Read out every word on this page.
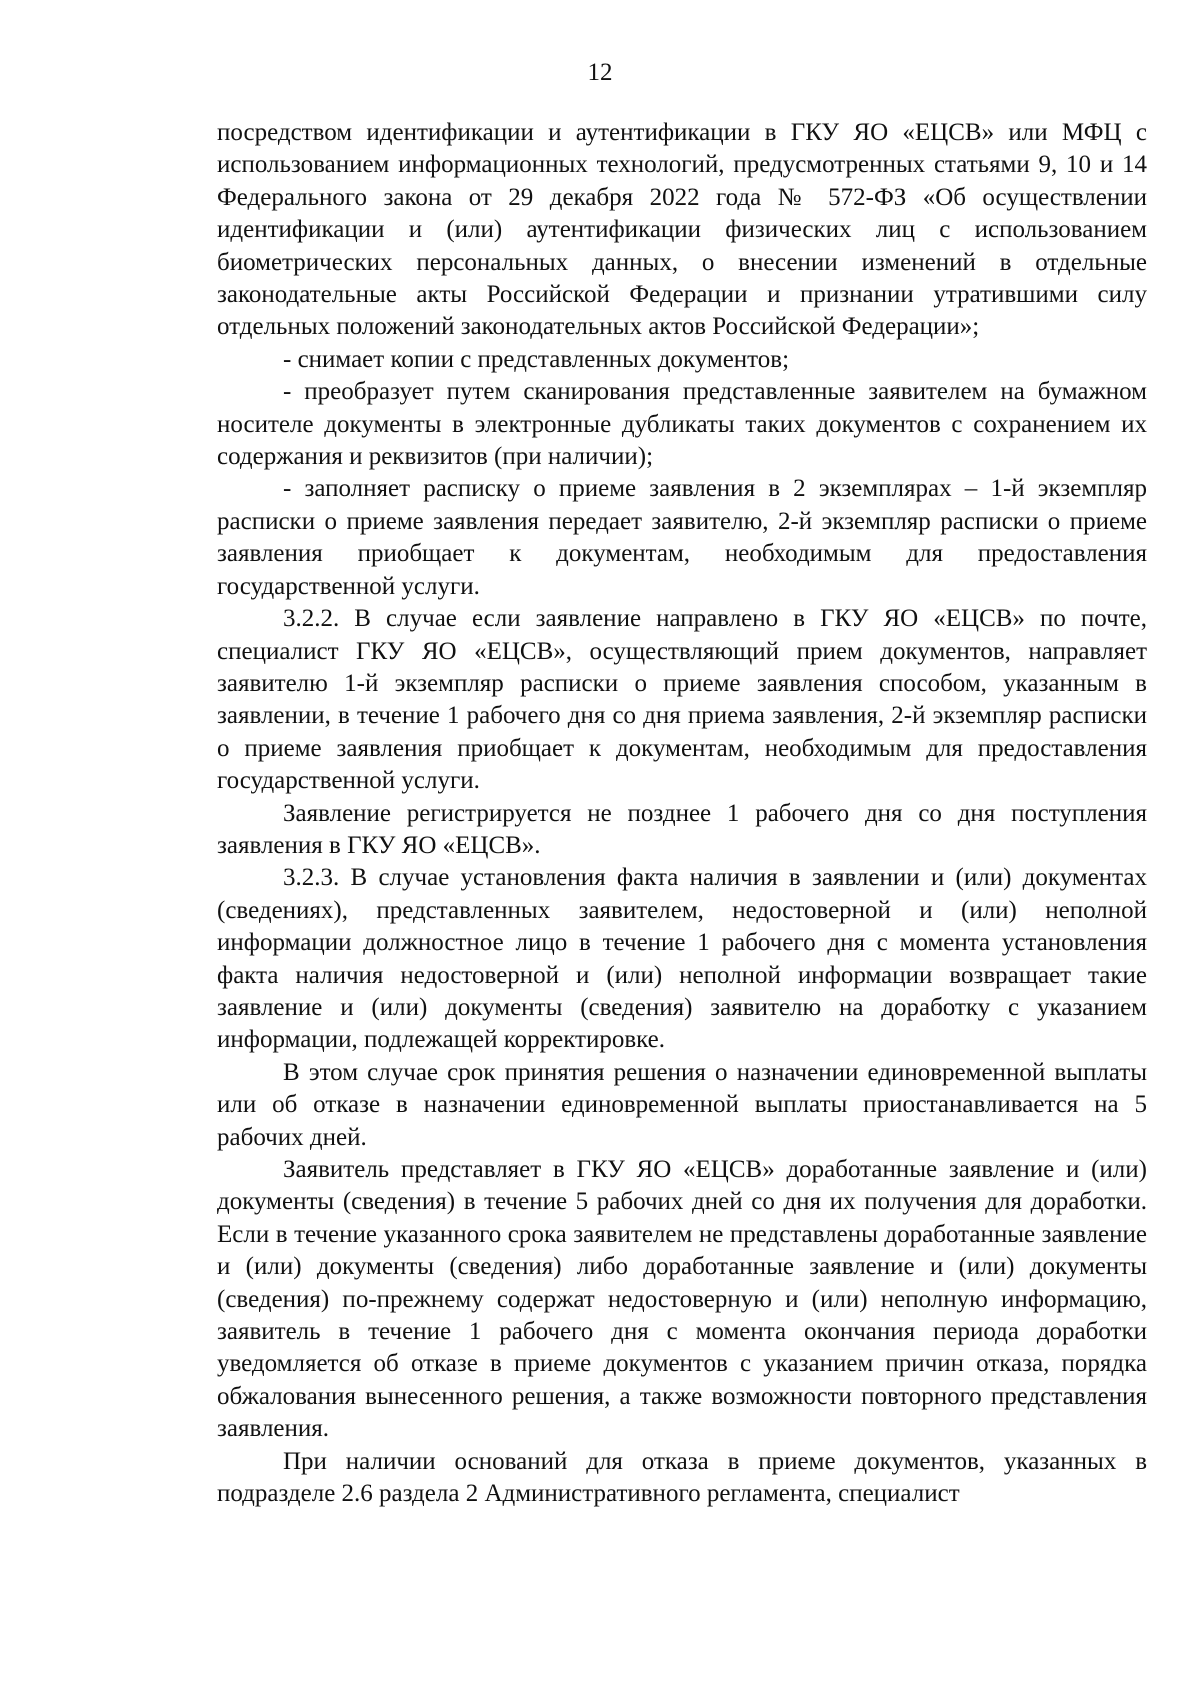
12

посредством идентификации и аутентификации в ГКУ ЯО «ЕЦСВ» или МФЦ с использованием информационных технологий, предусмотренных статьями 9, 10 и 14 Федерального закона от 29 декабря 2022 года № 572-ФЗ «Об осуществлении идентификации и (или) аутентификации физических лиц с использованием биометрических персональных данных, о внесении изменений в отдельные законодательные акты Российской Федерации и признании утратившими силу отдельных положений законодательных актов Российской Федерации»;

- снимает копии с представленных документов;

- преобразует путем сканирования представленные заявителем на бумажном носителе документы в электронные дубликаты таких документов с сохранением их содержания и реквизитов (при наличии);

- заполняет расписку о приеме заявления в 2 экземплярах – 1-й экземпляр расписки о приеме заявления передает заявителю, 2-й экземпляр расписки о приеме заявления приобщает к документам, необходимым для предоставления государственной услуги.

3.2.2. В случае если заявление направлено в ГКУ ЯО «ЕЦСВ» по почте, специалист ГКУ ЯО «ЕЦСВ», осуществляющий прием документов, направляет заявителю 1-й экземпляр расписки о приеме заявления способом, указанным в заявлении, в течение 1 рабочего дня со дня приема заявления, 2-й экземпляр расписки о приеме заявления приобщает к документам, необходимым для предоставления государственной услуги.

Заявление регистрируется не позднее 1 рабочего дня со дня поступления заявления в ГКУ ЯО «ЕЦСВ».

3.2.3. В случае установления факта наличия в заявлении и (или) документах (сведениях), представленных заявителем, недостоверной и (или) неполной информации должностное лицо в течение 1 рабочего дня с момента установления факта наличия недостоверной и (или) неполной информации возвращает такие заявление и (или) документы (сведения) заявителю на доработку с указанием информации, подлежащей корректировке.

В этом случае срок принятия решения о назначении единовременной выплаты или об отказе в назначении единовременной выплаты приостанавливается на 5 рабочих дней.

Заявитель представляет в ГКУ ЯО «ЕЦСВ» доработанные заявление и (или) документы (сведения) в течение 5 рабочих дней со дня их получения для доработки. Если в течение указанного срока заявителем не представлены доработанные заявление и (или) документы (сведения) либо доработанные заявление и (или) документы (сведения) по-прежнему содержат недостоверную и (или) неполную информацию, заявитель в течение 1 рабочего дня с момента окончания периода доработки уведомляется об отказе в приеме документов с указанием причин отказа, порядка обжалования вынесенного решения, а также возможности повторного представления заявления.

При наличии оснований для отказа в приеме документов, указанных в подразделе 2.6 раздела 2 Административного регламента, специалист
